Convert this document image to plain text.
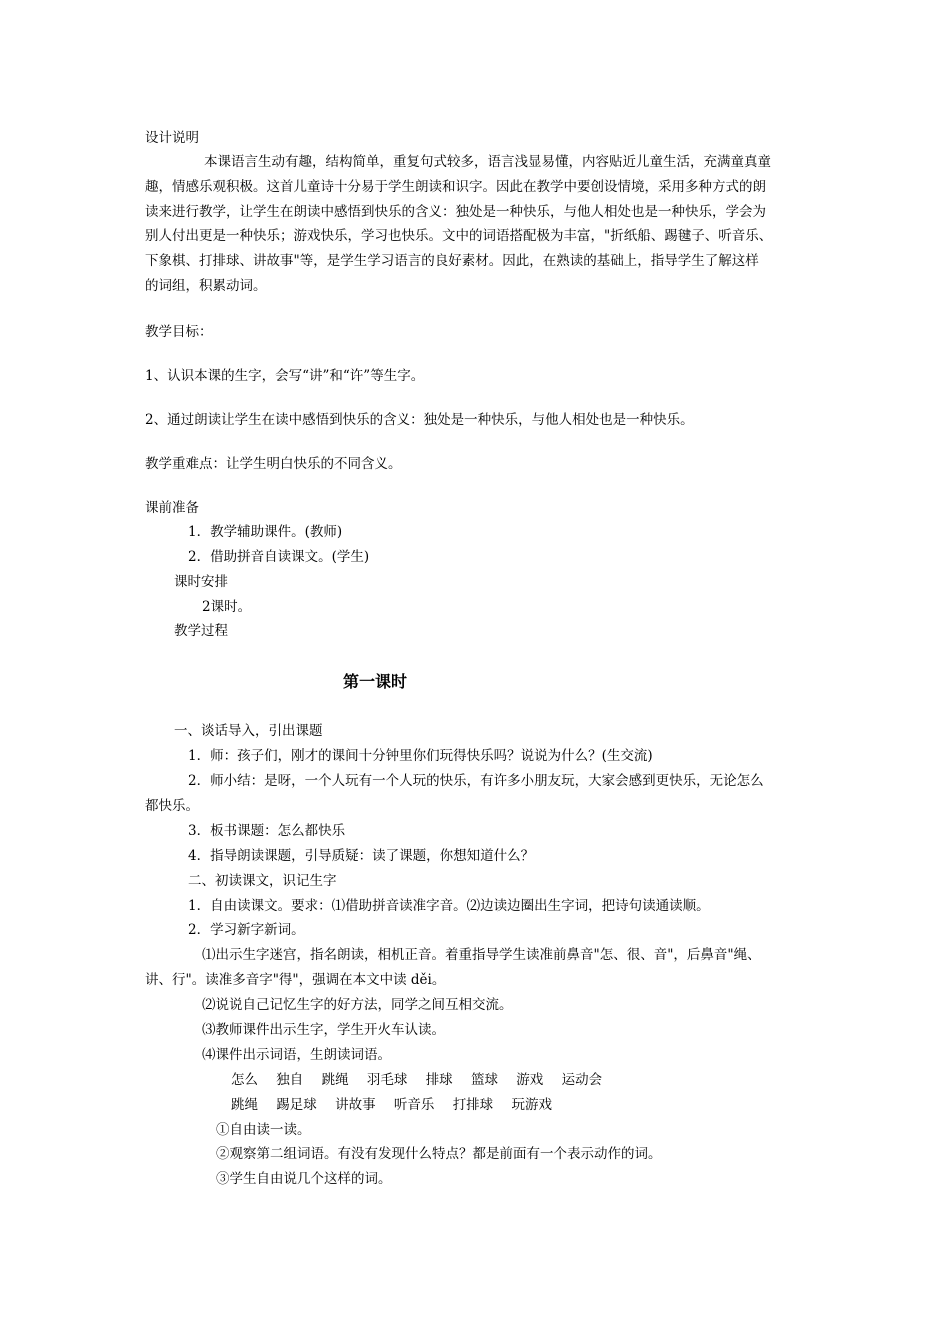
设计说明
本课语言生动有趣，结构简单，重复句式较多，语言浅显易懂，内容贴近儿童生活，充满童真童
趣，情感乐观积极。这首儿童诗十分易于学生朗读和识字。因此在教学中要创设情境，采用多种方式的朗
读来进行教学，让学生在朗读中感悟到快乐的含义：独处是一种快乐，与他人相处也是一种快乐，学会为
别人付出更是一种快乐；游戏快乐，学习也快乐。文中的词语搭配极为丰富，"折纸船、踢毽子、听音乐、
下象棋、打排球、讲故事"等，是学生学习语言的良好素材。因此，在熟读的基础上，指导学生了解这样
的词组，积累动词。
教学目标：
1、认识本课的生字，会写“讲”和“许”等生字。
2、通过朗读让学生在读中感悟到快乐的含义：独处是一种快乐，与他人相处也是一种快乐。
教学重难点：让学生明白快乐的不同含义。
课前准备
1．教学辅助课件。(教师)
2．借助拼音自读课文。(学生)
课时安排
2课时。
教学过程
第一课时
一、谈话导入，引出课题
1．师：孩子们，刚才的课间十分钟里你们玩得快乐吗？说说为什么？(生交流)
2．师小结：是呀，一个人玩有一个人玩的快乐，有许多小朋友玩，大家会感到更快乐，无论怎么
都快乐。
3．板书课题：怎么都快乐
4．指导朗读课题，引导质疑：读了课题，你想知道什么？
二、初读课文，识记生字
1．自由读课文。要求：⑴借助拼音读准字音。⑵边读边圈出生字词，把诗句读通读顺。
2．学习新字新词。
⑴出示生字迷宫，指名朗读，相机正音。着重指导学生读准前鼻音"怎、很、音"，后鼻音"绳、
讲、行"。读准多音字"得"，强调在本文中读 děi。
⑵说说自己记忆生字的好方法，同学之间互相交流。
⑶教师课件出示生字，学生开火车认读。
⑷课件出示词语，生朗读词语。
怎么 独自 跳绳 羽毛球 排球 篮球 游戏 运动会
跳绳 踢足球 讲故事 听音乐 打排球 玩游戏
①自由读一读。
②观察第二组词语。有没有发现什么特点？都是前面有一个表示动作的词。
③学生自由说几个这样的词。
